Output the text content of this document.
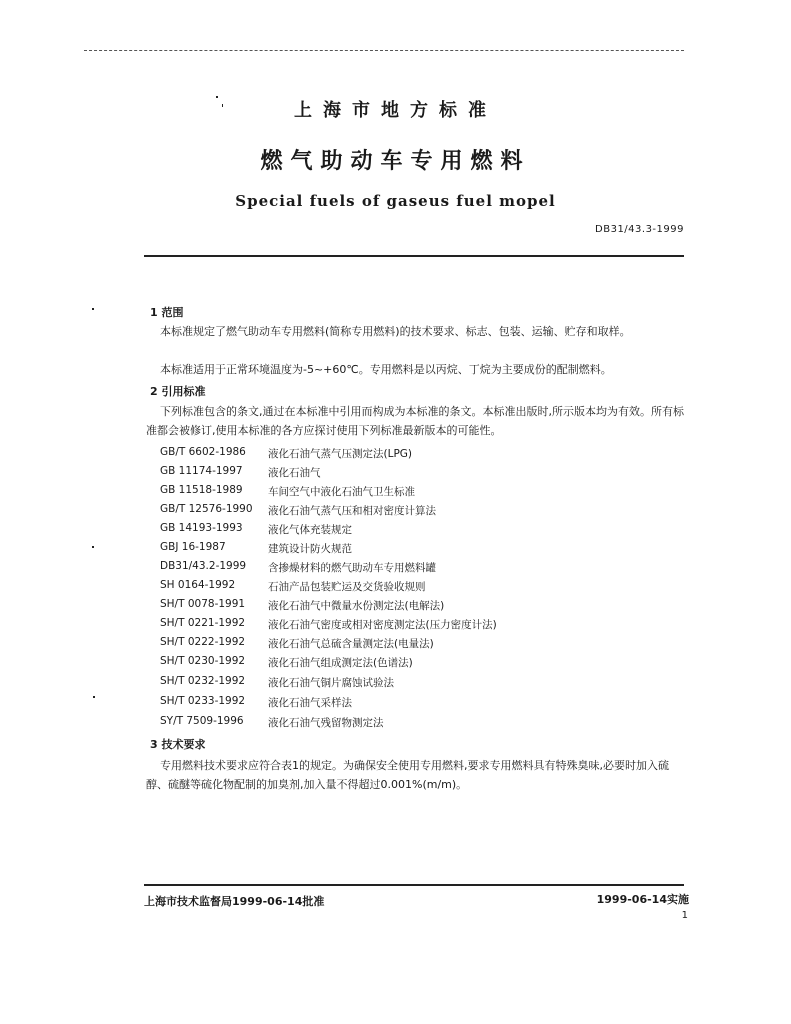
上海市地方标准
燃气助动车专用燃料
Special fuels of gaseus fuel mopel
DB31/43.3-1999
1 范围
本标准规定了燃气助动车专用燃料(简称专用燃料)的技术要求、标志、包装、运输、贮存和取样。
本标准适用于正常环境温度为-5~+60℃。专用燃料是以丙烷、丁烷为主要成份的配制燃料。
2 引用标准
下列标准包含的条文,通过在本标准中引用而构成为本标准的条文。本标准出版时,所示版本均为有效。所有标准都会被修订,使用本标准的各方应探讨使用下列标准最新版本的可能性。
GB/T 6602-1986 液化石油气蒸气压测定法(LPG)
GB 11174-1997 液化石油气
GB 11518-1989 车间空气中液化石油气卫生标准
GB/T 12576-1990 液化石油气蒸气压和相对密度计算法
GB 14193-1993 液化气体充装规定
GBJ 16-1987	建筑设计防火规范
DB31/43.2-1999 含掺燥材料的燃气助动车专用燃料罐
SH 0164-1992	石油产品包装贮运及交货验收规则
SH/T 0078-1991 液化石油气中微量水份测定法(电解法)
SH/T 0221-1992 液化石油气密度或相对密度测定法(压力密度计法)
SH/T 0222-1992 液化石油气总硫含量测定法(电量法)
SH/T 0230-1992 液化石油气组成测定法(色谱法)
SH/T 0232-1992 液化石油气铜片腐蚀试验法
SH/T 0233-1992 液化石油气采样法
SY/T 7509-1996 液化石油气残留物测定法
3 技术要求
专用燃料技术要求应符合表1的规定。为确保安全使用专用燃料,要求专用燃料具有特殊臭味,必要时加入硫醇、硫醚等硫化物配制的加臭剂,加入量不得超过0.001%(m/m)。
上海市技术监督局1999-06-14批准	1999-06-14实施
1
